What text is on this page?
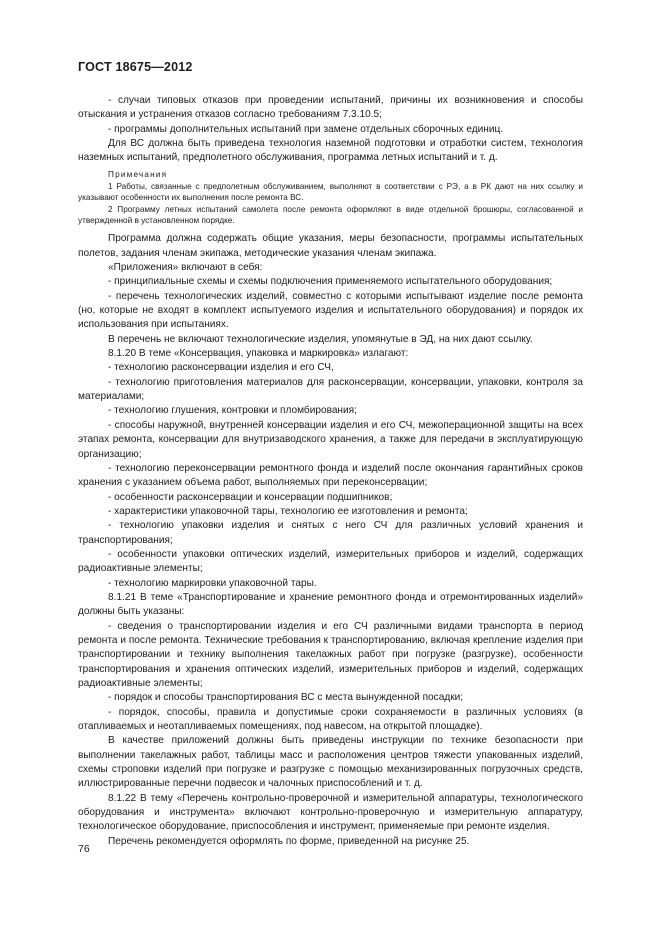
ГОСТ 18675—2012

- случаи типовых отказов при проведении испытаний, причины их возникновения и способы отыскания и устранения отказов согласно требованиям 7.3.10.5;

- программы дополнительных испытаний при замене отдельных сборочных единиц.

Для ВС должна быть приведена технология наземной подготовки и отработки систем, технология наземных испытаний, предполетного обслуживания, программа летных испытаний и т. д.

Примечания
1 Работы, связанные с предполетным обслуживанием, выполняют в соответствии с РЭ, а в РК дают на них ссылку и указывают особенности их выполнения после ремонта ВС.
2 Программу летных испытаний самолета после ремонта оформляют в виде отдельной брошюры, согласованной и утвержденной в установленном порядке.

Программа должна содержать общие указания, меры безопасности, программы испытательных полетов, задания членам экипажа, методические указания членам экипажа.

«Приложения» включают в себя:

- принципиальные схемы и схемы подключения применяемого испытательного оборудования;

- перечень технологических изделий, совместно с которыми испытывают изделие после ремонта (но, которые не входят в комплект испытуемого изделия и испытательного оборудования) и порядок их использования при испытаниях.

В перечень не включают технологические изделия, упомянутые в ЭД, на них дают ссылку.

8.1.20 В теме «Консервация, упаковка и маркировка» излагают:

- технологию расконсервации изделия и его СЧ,

- технологию приготовления материалов для расконсервации, консервации, упаковки, контроля за материалами;

- технологию глушения, контровки и пломбирования;

- способы наружной, внутренней консервации изделия и его СЧ, межоперационной защиты на всех этапах ремонта, консервации для внутризаводского хранения, а также для передачи в эксплуатирующую организацию;

- технологию переконсервации ремонтного фонда и изделий после окончания гарантийных сроков хранения с указанием объема работ, выполняемых при переконсервации;

- особенности расконсервации и консервации подшипников;

- характеристики упаковочной тары, технологию ее изготовления и ремонта;

- технологию упаковки изделия и снятых с него СЧ для различных условий хранения и транспортирования;

- особенности упаковки оптических изделий, измерительных приборов и изделий, содержащих радиоактивные элементы;

- технологию маркировки упаковочной тары.

8.1.21 В теме «Транспортирование и хранение ремонтного фонда и отремонтированных изделий» должны быть указаны:

- сведения о транспортировании изделия и его СЧ различными видами транспорта в период ремонта и после ремонта. Технические требования к транспортированию, включая крепление изделия при транспортировании и технику выполнения такелажных работ при погрузке (разгрузке), особенности транспортирования и хранения оптических изделий, измерительных приборов и изделий, содержащих радиоактивные элементы;

- порядок и способы транспортирования ВС с места вынужденной посадки;

- порядок, способы, правила и допустимые сроки сохраняемости в различных условиях (в отапливаемых и неотапливаемых помещениях, под навесом, на открытой площадке).

В качестве приложений должны быть приведены инструкции по технике безопасности при выполнении такелажных работ, таблицы масс и расположения центров тяжести упакованных изделий, схемы строповки изделий при погрузке и разгрузке с помощью механизированных погрузочных средств, иллюстрированные перечни подвесок и чалочных приспособлений и т. д.

8.1.22 В тему «Перечень контрольно-проверочной и измерительной аппаратуры, технологического оборудования и инструмента» включают контрольно-проверочную и измерительную аппаратуру, технологическое оборудование, приспособления и инструмент, применяемые при ремонте изделия.

Перечень рекомендуется оформлять по форме, приведенной на рисунке 25.

76
